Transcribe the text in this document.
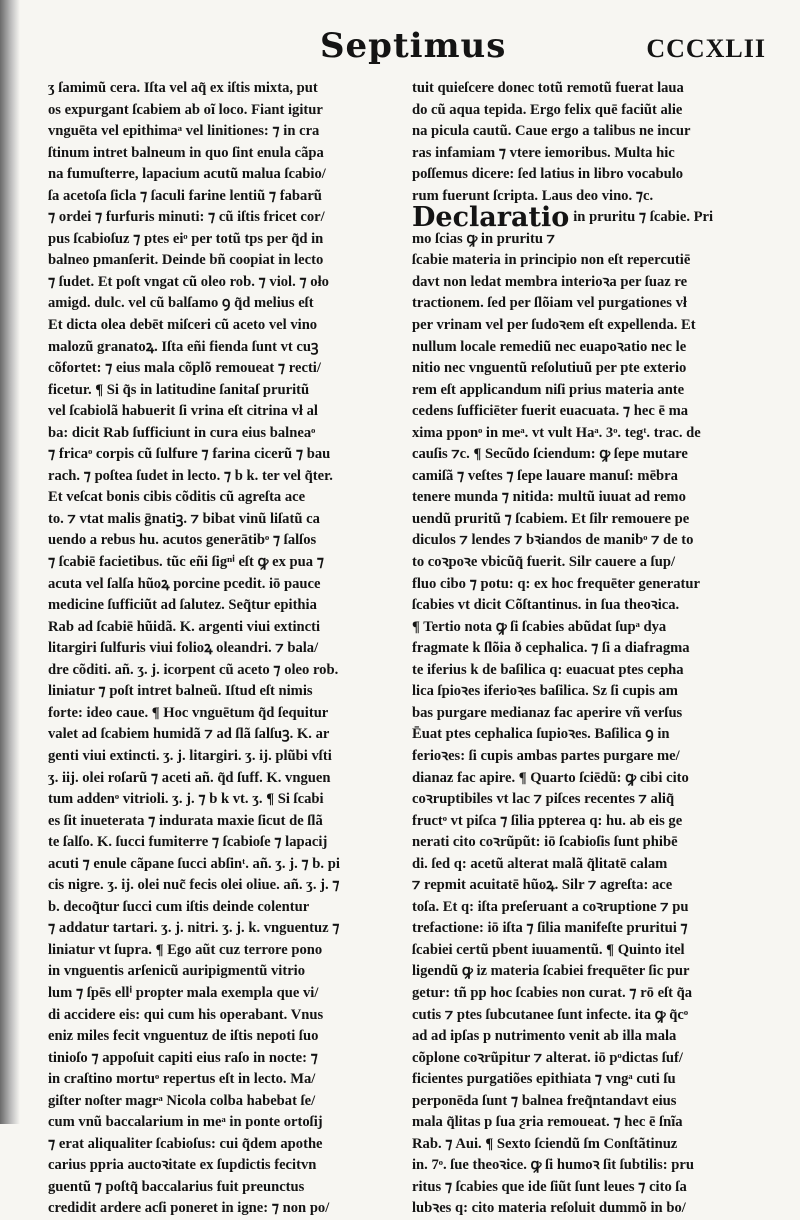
Septimus	CCCXLII
ʒ ſamimũ cera. Iſta vel aq̃ ex iſtis mixta, put
os expurgant ſcabiem ab oĩ loco. Fiant igitur
vnguēta vel epithimaᵃ vel linitiones: ⁊ in cra
ſtinum intret balneum in quo ſint enula cãpa
na fumuſterre, lapacium acutũ malua ſcabio/
ſa acetoſa ſicla ⁊ ſaculi farine lentiũ ⁊ fabarũ
⁊ ordei ⁊ furfuris minuti: ⁊ cũ iſtis fricet cor/
pus ſcabioſuz ⁊ ptes eiᵒ per totũ tps per q̃d in
balneo pmanſerit. Deinde bñ coopiat in lecto
⁊ ſudet. Et poſt vngat cũ oleo rob. ⁊ viol. ⁊ oło
amigd. dulc. vel cũ balſamo ꝯ q̃d melius eſt
Et dicta olea debēt miſceri cũ aceto vel vino
malozũ granatoꝝ. Iſta eñi fienda ſunt vt cuꝫ
cõfortet: ⁊ eius mala cõplõ remoueat ⁊ recti/
ficetur. ¶ Si q̃s in latitudine ſanitaſ pruritũ
vel ſcabiolã habuerit ſi vrina eſt citrina vł al
ba: dicit Rab ſufficiunt in cura eius balneaᵒ
⁊ fricaᵒ corpis cũ ſulfure ⁊ farina cicerũ ⁊ bau
rach. ⁊ poſtea ſudet in lecto. ⁊ b k. ter vel q̃ter.
Et veſcat bonis cibis cõditis cũ agreſta ace
to. ⁊ vtat malis ḡnatiꝫ. ⁊ bibat vinũ liſatũ ca
uendo a rebus hu. acutos generātibᵒ ⁊ ſalſos
⁊ ſcabiē facietibus. tũc eñi ſigⁿⁱ eſt ꝙ ex pua ⁊
acuta vel ſalſa hũoꝝ porcine pcedit. iō pauce
medicine ſufficiũt ad ſalutez. Seq̃tur epithia
Rab ad ſcabiē hũidã. K. argenti viui extincti
litargiri ſulfuris viui folioꝝ oleandri. ⁊ bala/
dre cõditi. añ. ʒ. j. icorpent cũ aceto ⁊ oleo rob.
liniatur ⁊ poſt intret balneũ. Iſtud eſt nimis
forte: ideo caue. ¶ Hoc vnguētum q̃d ſequitur
valet ad ſcabiem humidã ⁊ ad ſlã ſalſuꝫ. K. ar
genti viui extincti. ʒ. j. litargiri. ʒ. ij. plũbi vſti
ʒ. iij. olei roſarũ ⁊ aceti añ. q̃d ſuff. K. vnguen
tum addenᵒ vitrioli. ʒ. j. ⁊ b k vt. ʒ. ¶ Si ſcabi
es ſit inueterata ⁊ indurata maxie ſicut de ſlã
te ſalſo. K. ſucci fumiterre ⁊ ſcabioſe ⁊ lapacij
acuti ⁊ enule cãpane ſucci abſinᵗ. añ. ʒ. j. ⁊ b. pi
cis nigre. ʒ. ij. olei nuc̃ fecis olei oliue. añ. ʒ. j. ⁊
b. decoq̃tur ſucci cum iſtis deinde colentur
⁊ addatur tartari. ʒ. j. nitri. ʒ. j. k. vnguentuz ⁊
liniatur vt ſupra. ¶ Ego aũt cuz terrore pono
in vnguentis arſenicũ auripigmentũ vitrio
lum ⁊ ſpēs ellⁱ propter mala exempla que vi/
di accidere eis: qui cum his operabant. Vnus
eniz miles fecit vnguentuz de iſtis nepoti ſuo
tinioſo ⁊ appoſuit capiti eius raſo in nocte: ⁊
in craſtino mortuᵒ repertus eſt in lecto. Ma/
giſter noſter magrᵃ Nicola colba habebat ſe/
cum vnũ baccalarium in meᵃ in ponte ortoſij
⁊ erat aliqualiter ſcabioſus: cui q̃dem apothe
carius ppria auctoꝛitate ex ſupdictis fecitvn
guentũ ⁊ poſtq̃ baccalarius fuit preunctus
credidit ardere acſi poneret in igne: ⁊ non po/
tuit quieſcere donec totũ remotũ fuerat laua
do cũ aqua tepida. Ergo felix quē faciũt alie
na picula cautũ. Caue ergo a talibus ne incur
ras infamiam ⁊ vtere iemoribus. Multa hic
poſſemus dicere: ſed latius in libro vocabulo
rum fuerunt ſcripta. Laus deo vino. ⁊c.
Declaratio in pruritu ⁊ ſcabie. Pri
mo ſcias ꝙ in pruritu ⁊
ſcabie materia in principio non eſt repercutiē
davt non ledat membra interioꝛa per ſuaz re
tractionem. ſed per ſlõiam vel purgationes vł
per vrinam vel per ſudoꝛem eſt expellenda. Et
nullum locale remediũ nec euapoꝛatio nec le
nitio nec vnguentũ reſolutiuũ per pte exterio
rem eſt applicandum niſi prius materia ante
cedens ſufficiēter fuerit euacuata. ⁊ hec ē ma
xima pponᵒ in meᵃ. vt vult Haᵃ. 3ᵒ. tegᵗ. trac. de
cauſis ⁊c. ¶ Secũdo ſciendum: ꝙ ſepe mutare
camiſã ⁊ veſtes ⁊ ſepe lauare manuſ: mēbra
tenere munda ⁊ nitida: multũ iuuat ad remo
uendũ pruritũ ⁊ ſcabiem. Et ſilr remouere pe
diculos ⁊ lendes ⁊ bꝛiandos de manibᵒ ⁊ de to
to coꝛpoꝛe vbicũq̃ fuerit. Silr cauere a ſup/
fluo cibo ⁊ potu: q: ex hoc frequēter generatur
ſcabies vt dicit Cõſtantinus. in ſua theoꝛica.
¶ Tertio nota ꝙ ſi ſcabies abũdat ſupᵃ dya
fragmate k ſlõia ð cephalica. ⁊ ſi a diafragma
te iferius k de baſilica q: euacuat ptes cepha
lica ſpioꝛes iferioꝛes baſilica. Sz ſi cupis am
bas purgare medianaz fac aperire vñ verſus
Ēuat ptes cephalica ſupioꝛes. Baſilica ꝯ in
ferioꝛes: ſi cupis ambas partes purgare me/
dianaz fac apire. ¶ Quarto ſciēdũ: ꝙ cibi cito
coꝛruptibiles vt lac ⁊ piſces recentes ⁊ aliq̃
fructᵒ vt piſca ⁊ ſilia ppterea q: hu. ab eis ge
nerati cito coꝛrũpũt: iō ſcabioſis ſunt phibē
di. ſed q: acetũ alterat malã q̃litatē calam
⁊ repmit acuitatē hũoꝝ. Silr ⁊ agreſta: ace
toſa. Et q: iſta preſeruant a coꝛruptione ⁊ pu
trefactione: iō iſta ⁊ ſilia manifeſte pruritui ⁊
ſcabiei certũ pbent iuuamentũ. ¶ Quinto itel
ligendũ ꝙ iz materia ſcabiei frequēter ſic pur
getur: tñ pp hoc ſcabies non curat. ⁊ rō eſt q̃a
cutis ⁊ ptes ſubcutanee ſunt infecte. ita ꝙ q̃cᵒ
ad ad ipſas p nutrimento venit ab illa mala
cõplone coꝛrũpitur ⁊ alterat. iō pᵒdictas ſuf/
ficientes purgatiões epithiata ⁊ vngᵃ cuti ſu
perponēda ſunt ⁊ balnea freq̃ntandavt eius
mala q̃litas p ſua ƺria remoueat. ⁊ hec ē ſnĩa
Rab. ⁊ Aui. ¶ Sexto ſciendũ ſm Conſtãtinuz
in. 7ᵒ. ſue theoꝛice. ꝙ ſi humoꝛ ſit ſubtilis: pru
ritus ⁊ ſcabies que ide ſiũt ſunt leues ⁊ cito ſa
lubꝛes q: cito materia reſoluit dummõ in bo/
